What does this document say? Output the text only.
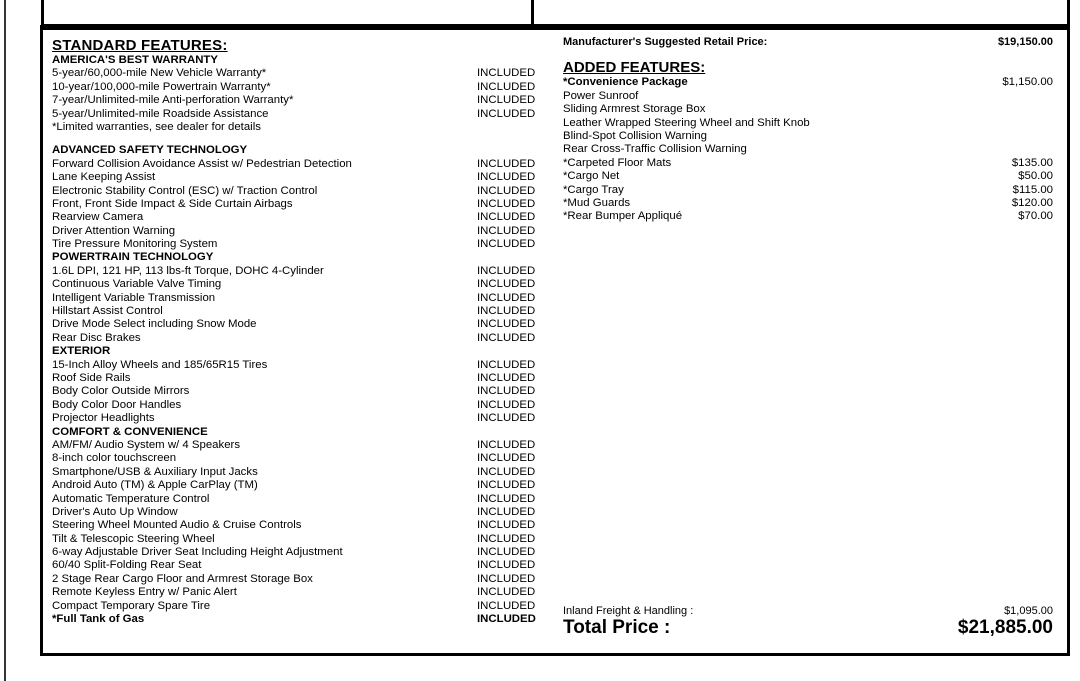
STANDARD FEATURES:
AMERICA'S BEST WARRANTY
5-year/60,000-mile New Vehicle Warranty*	INCLUDED
10-year/100,000-mile Powertrain Warranty*	INCLUDED
7-year/Unlimited-mile Anti-perforation Warranty*	INCLUDED
5-year/Unlimited-mile Roadside Assistance	INCLUDED
*Limited warranties, see dealer for details
ADVANCED SAFETY TECHNOLOGY
Forward Collision Avoidance Assist w/ Pedestrian Detection	INCLUDED
Lane Keeping Assist	INCLUDED
Electronic Stability Control (ESC) w/ Traction Control	INCLUDED
Front, Front Side Impact & Side Curtain Airbags	INCLUDED
Rearview Camera	INCLUDED
Driver Attention Warning	INCLUDED
Tire Pressure Monitoring System	INCLUDED
POWERTRAIN TECHNOLOGY
1.6L DPI, 121 HP, 113 lbs-ft Torque, DOHC 4-Cylinder	INCLUDED
Continuous Variable Valve Timing	INCLUDED
Intelligent Variable Transmission	INCLUDED
Hillstart Assist Control	INCLUDED
Drive Mode Select including Snow Mode	INCLUDED
Rear Disc Brakes	INCLUDED
EXTERIOR
15-Inch Alloy Wheels and 185/65R15 Tires	INCLUDED
Roof Side Rails	INCLUDED
Body Color Outside Mirrors	INCLUDED
Body Color Door Handles	INCLUDED
Projector Headlights	INCLUDED
COMFORT & CONVENIENCE
AM/FM/ Audio System w/ 4 Speakers	INCLUDED
8-inch color touchscreen	INCLUDED
Smartphone/USB & Auxiliary Input Jacks	INCLUDED
Android Auto (TM) & Apple CarPlay (TM)	INCLUDED
Automatic Temperature Control	INCLUDED
Driver's Auto Up Window	INCLUDED
Steering Wheel Mounted Audio & Cruise Controls	INCLUDED
Tilt & Telescopic Steering Wheel	INCLUDED
6-way Adjustable Driver Seat Including Height Adjustment	INCLUDED
60/40 Split-Folding Rear Seat	INCLUDED
2 Stage Rear Cargo Floor and Armrest Storage Box	INCLUDED
Remote Keyless Entry w/ Panic Alert	INCLUDED
Compact Temporary Spare Tire	INCLUDED
*Full Tank of Gas	INCLUDED
Manufacturer's Suggested Retail Price:	$19,150.00
ADDED FEATURES:
*Convenience Package	$1,150.00
Power Sunroof
Sliding Armrest Storage Box
Leather Wrapped Steering Wheel and Shift Knob
Blind-Spot Collision Warning
Rear Cross-Traffic Collision Warning
*Carpeted Floor Mats	$135.00
*Cargo Net	$50.00
*Cargo Tray	$115.00
*Mud Guards	$120.00
*Rear Bumper Appliqué	$70.00
Inland Freight & Handling :	$1,095.00
Total Price :	$21,885.00
